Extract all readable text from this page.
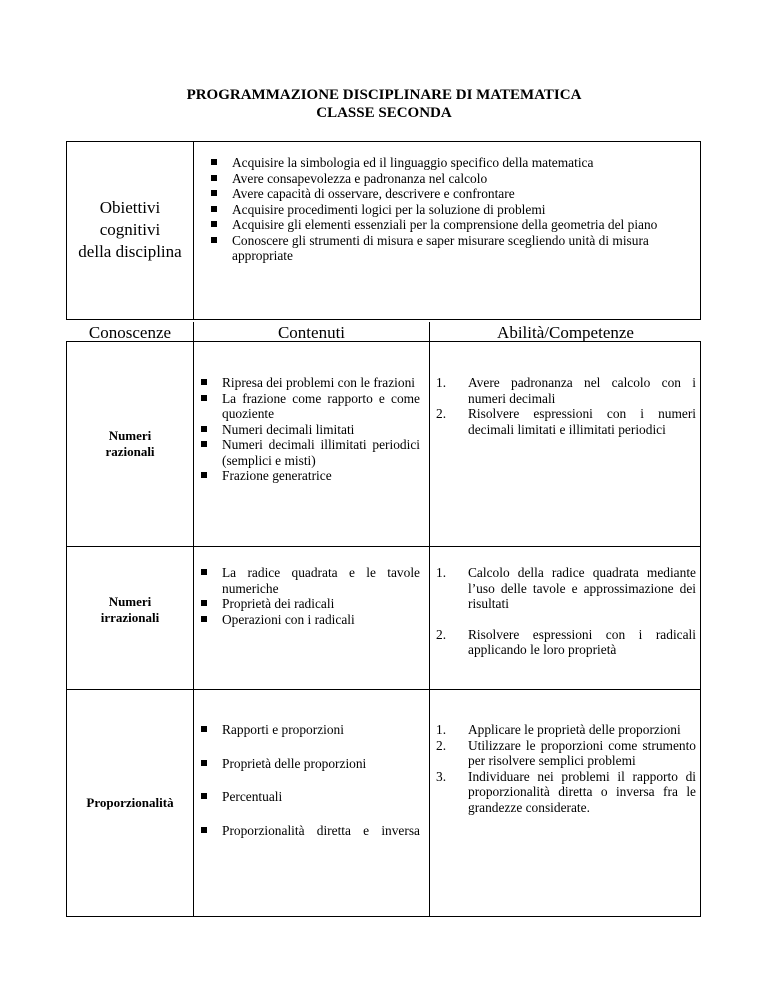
PROGRAMMAZIONE DISCIPLINARE DI MATEMATICA
CLASSE SECONDA
Obiettivi
cognitivi
della disciplina
Acquisire la simbologia ed il linguaggio specifico della matematica
Avere consapevolezza e padronanza nel calcolo
Avere capacità di osservare, descrivere e confrontare
Acquisire procedimenti logici per la soluzione di problemi
Acquisire gli elementi essenziali per la comprensione della geometria del piano
Conoscere gli strumenti di misura e saper misurare scegliendo unità di misura appropriate
Conoscenze	Contenuti	Abilità/Competenze
Numeri
razionali
Ripresa dei problemi con le frazioni
La frazione come rapporto e come quoziente
Numeri decimali limitati
Numeri decimali illimitati periodici (semplici e misti)
Frazione generatrice
1. Avere padronanza nel calcolo con i numeri decimali
2. Risolvere espressioni con i numeri decimali limitati e illimitati periodici
Numeri
irrazionali
La radice quadrata e le tavole numeriche
Proprietà dei radicali
Operazioni con i radicali
1. Calcolo della radice quadrata mediante l’uso delle tavole e approssimazione dei risultati
2. Risolvere espressioni con i radicali applicando le loro proprietà
Proporzionalità
Rapporti e proporzioni
Proprietà delle proporzioni
Percentuali
Proporzionalità diretta e inversa
1. Applicare le proprietà delle proporzioni
2. Utilizzare le proporzioni come strumento per risolvere semplici problemi
3. Individuare nei problemi il rapporto di proporzionalità diretta o inversa fra le grandezze considerate.
